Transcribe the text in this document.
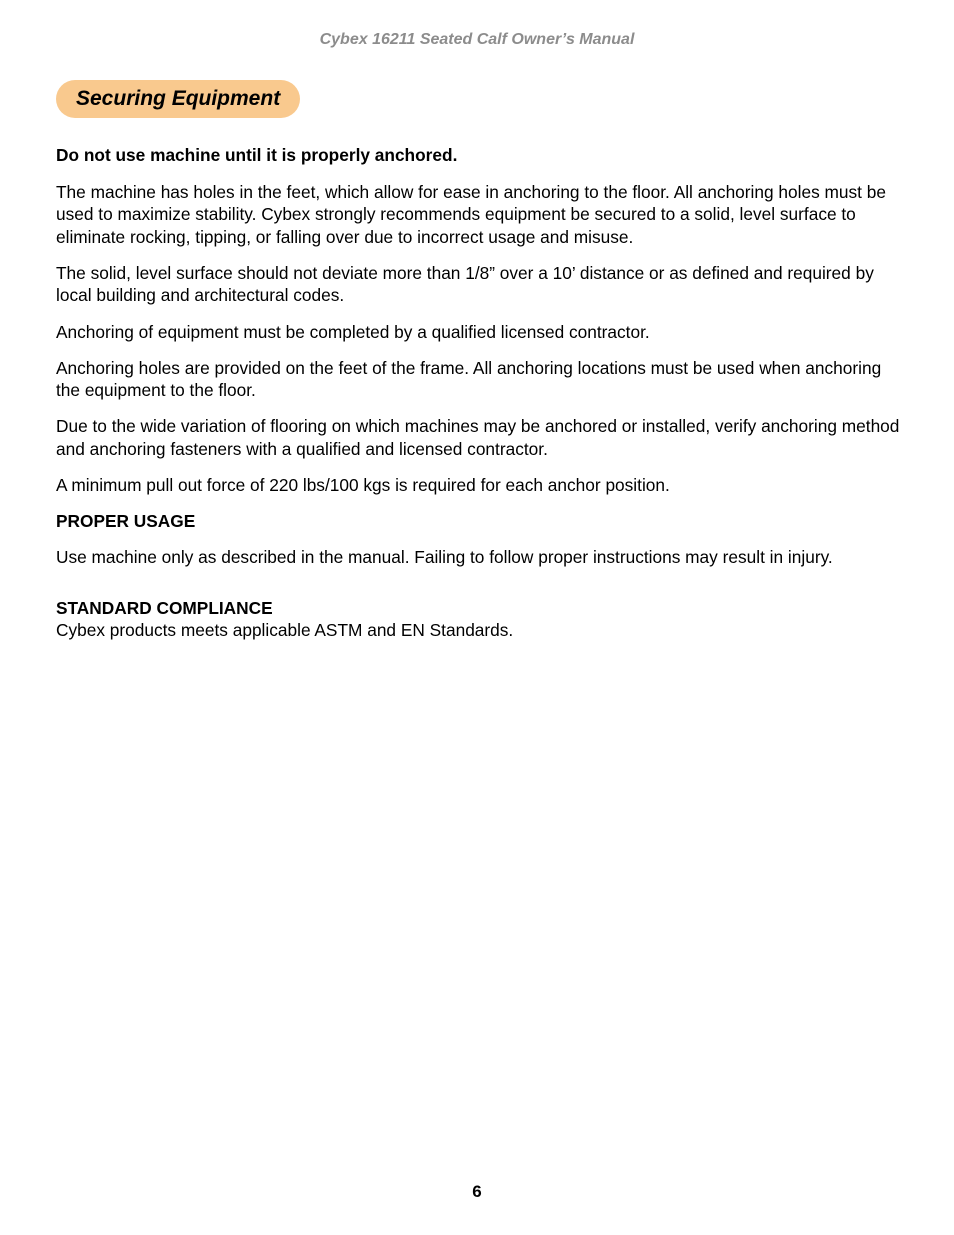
Cybex 16211 Seated Calf Owner’s Manual

Securing Equipment

Do not use machine until it is properly anchored.

The machine has holes in the feet, which allow for ease in anchoring to the floor. All anchoring holes must be used to maximize stability. Cybex strongly recommends equipment be secured to a solid, level surface to eliminate rocking, tipping, or falling over due to incorrect usage and misuse.

The solid, level surface should not deviate more than 1/8” over a 10’ distance or as defined and required by local building and architectural codes.

Anchoring of equipment must be completed by a qualified licensed contractor.

Anchoring holes are provided on the feet of the frame. All anchoring locations must be used when anchoring the equipment to the floor.

Due to the wide variation of flooring on which machines may be anchored or installed, verify anchoring method and anchoring fasteners with a qualified and licensed contractor.

A minimum pull out force of 220 lbs/100 kgs is required for each anchor position.

PROPER USAGE

Use machine only as described in the manual. Failing to follow proper instructions may result in injury.

STANDARD COMPLIANCE

Cybex products meets applicable ASTM and EN Standards.

6
